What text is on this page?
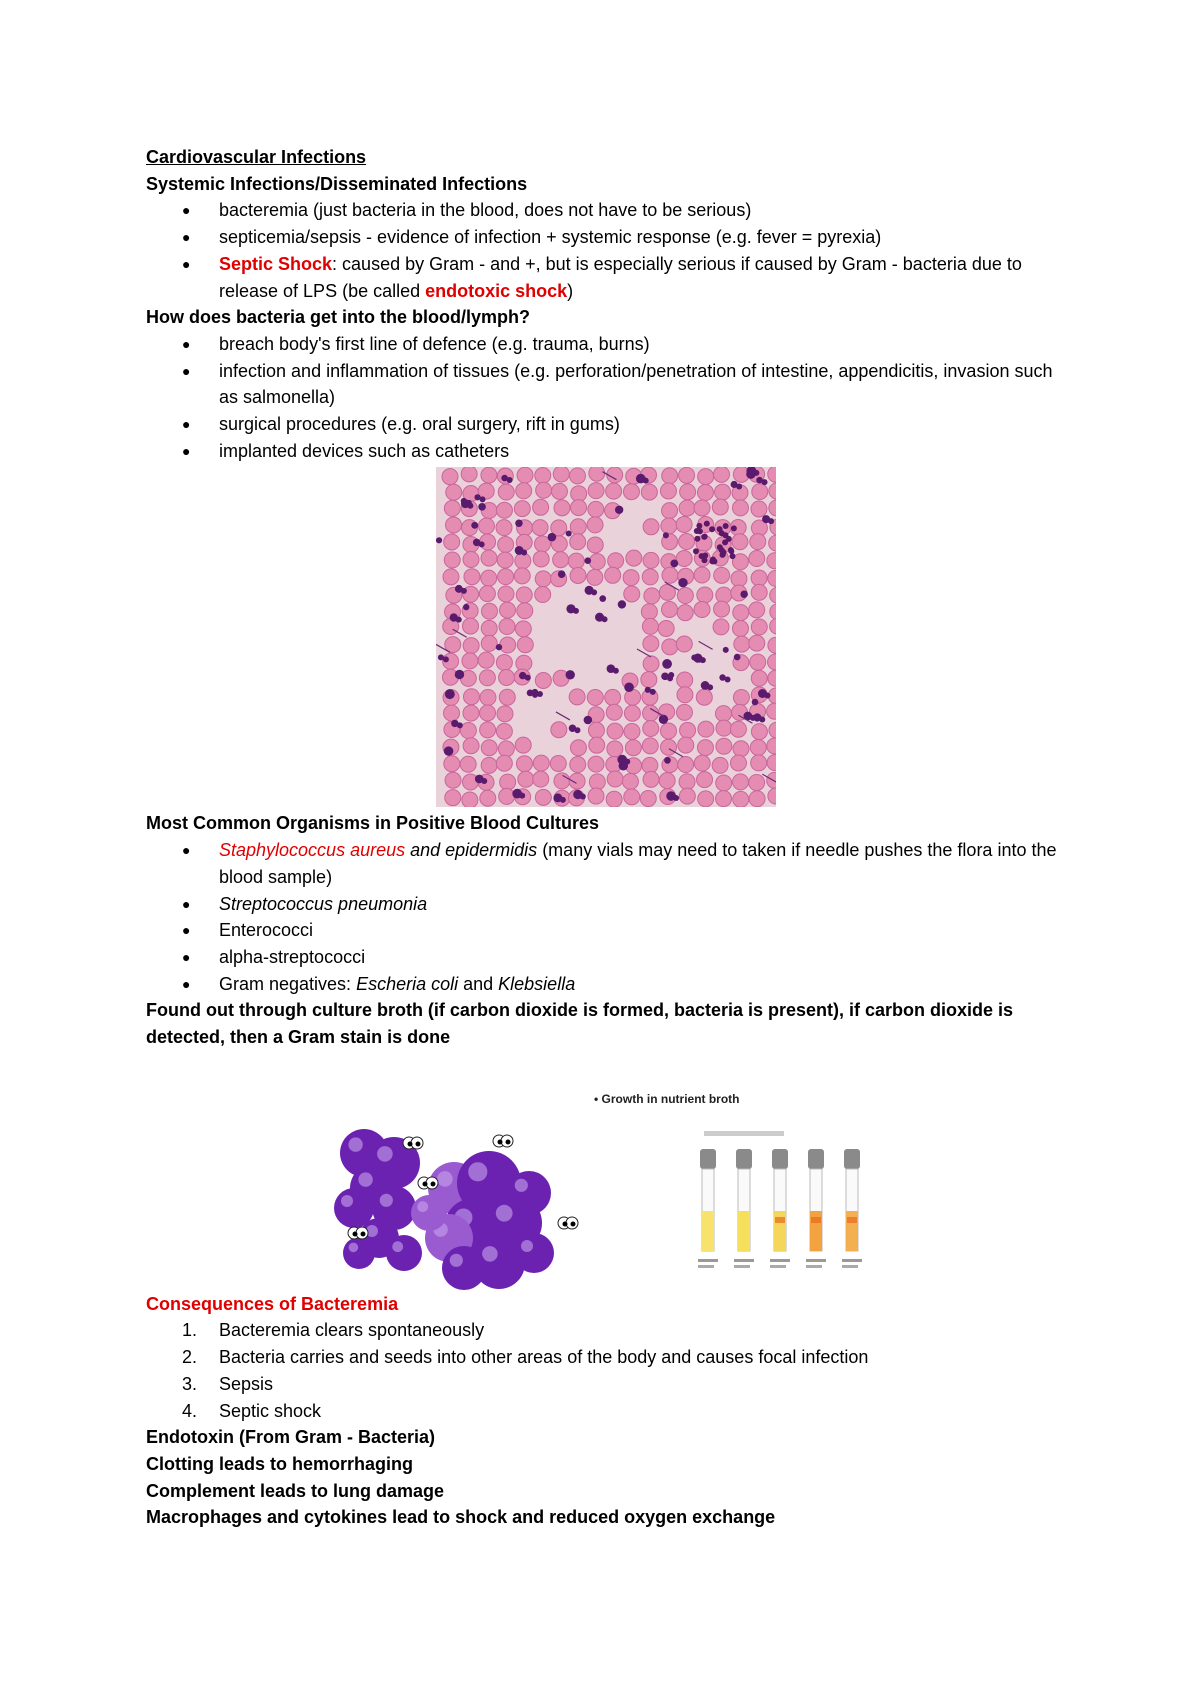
Cardiovascular Infections

Systemic Infections/Disseminated Infections

● bacteremia (just bacteria in the blood, does not have to be serious)
● septicemia/sepsis - evidence of infection + systemic response (e.g. fever = pyrexia)
● Septic Shock: caused by Gram - and +, but is especially serious if caused by Gram - bacteria due to release of LPS (be called endotoxic shock)

How does bacteria get into the blood/lymph?

● breach body's first line of defence (e.g. trauma, burns)
● infection and inflammation of tissues (e.g. perforation/penetration of intestine, appendicitis, invasion such as salmonella)
● surgical procedures (e.g. oral surgery, rift in gums)
● implanted devices such as catheters

Most Common Organisms in Positive Blood Cultures

● Staphylococcus aureus and epidermidis (many vials may need to taken if needle pushes the flora into the blood sample)
● Streptococcus pneumonia
● Enterococci
● alpha-streptococci
● Gram negatives: Escheria coli and Klebsiella

Found out through culture broth (if carbon dioxide is formed, bacteria is present), if carbon dioxide is detected, then a Gram stain is done

• Growth in nutrient broth

Consequences of Bacteremia

1. Bacteremia clears spontaneously
2. Bacteria carries and seeds into other areas of the body and causes focal infection
3. Sepsis
4. Septic shock

Endotoxin (From Gram - Bacteria)

Clotting leads to hemorrhaging

Complement leads to lung damage

Macrophages and cytokines lead to shock and reduced oxygen exchange
